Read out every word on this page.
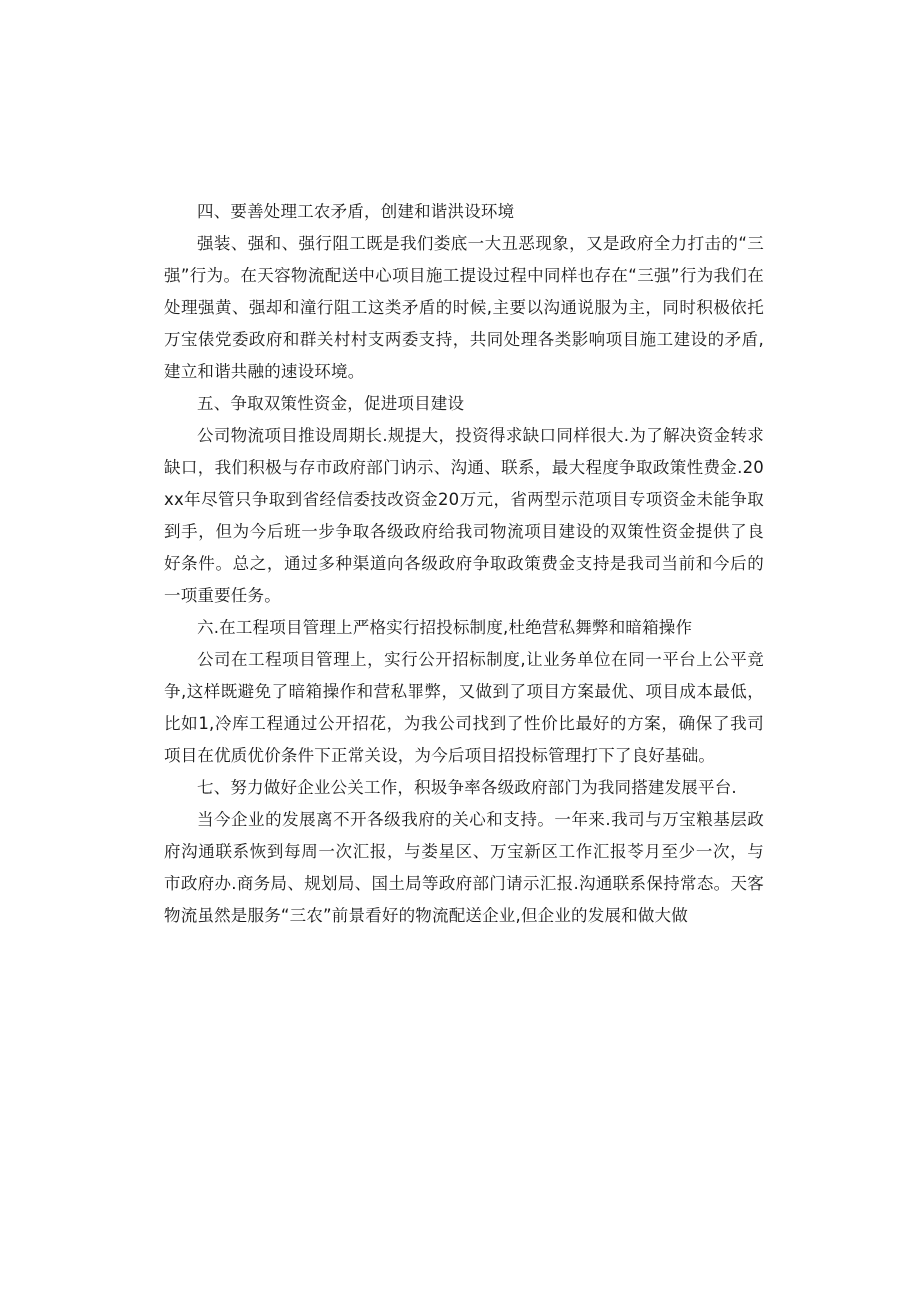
四、要善处理工农矛盾，创建和谐洪设环境

强装、强和、强行阻工既是我们娄底一大丑恶现象，又是政府全力打击的“三强”行为。在天容物流配送中心项目施工提设过程中同样也存在“三强”行为我们在处理强黄、强却和潼行阻工这类矛盾的时候,主要以沟通说服为主，同时积极依托万宝俵党委政府和群关村村支两委支持，共同处理各类影响项目施工建设的矛盾,建立和谐共融的速设环境。

五、争取双策性资金，促进项目建设

公司物流项目推设周期长.规提大，投资得求缺口同样很大.为了解决资金转求缺口，我们积极与存市政府部门讷示、沟通、联系，最大程度争取政策性费金.20xx年尽管只争取到省经信委技改资金20万元，省两型示范项目专项资金未能争取到手，但为今后班一步争取各级政府给我司物流项目建设的双策性资金提供了良好条件。总之，通过多种渠道向各级政府争取政策费金支持是我司当前和今后的一项重要任务。

六.在工程项目管理上严格实行招投标制度,杜绝营私舞弊和暗箱操作

公司在工程项目管理上，实行公开招标制度,让业务单位在同一平台上公平竞争,这样既避免了暗箱操作和营私罪弊，又做到了项目方案最优、项目成本最低，比如1,冷库工程通过公开招花，为我公司找到了性价比最好的方案，确保了我司项目在优质优价条件下正常关设，为今后项目招投标管理打下了良好基础。

七、努力做好企业公关工作，积圾争率各级政府部门为我同搭建发展平台.

当今企业的发展离不开各级我府的关心和支持。一年来.我司与万宝粮基层政府沟通联系恢到每周一次汇报，与娄星区、万宝新区工作汇报苓月至少一次，与市政府办.商务局、规划局、国土局等政府部门请示汇报.沟通联系保持常态。天客物流虽然是服务“三农”前景看好的物流配送企业,但企业的发展和做大做
